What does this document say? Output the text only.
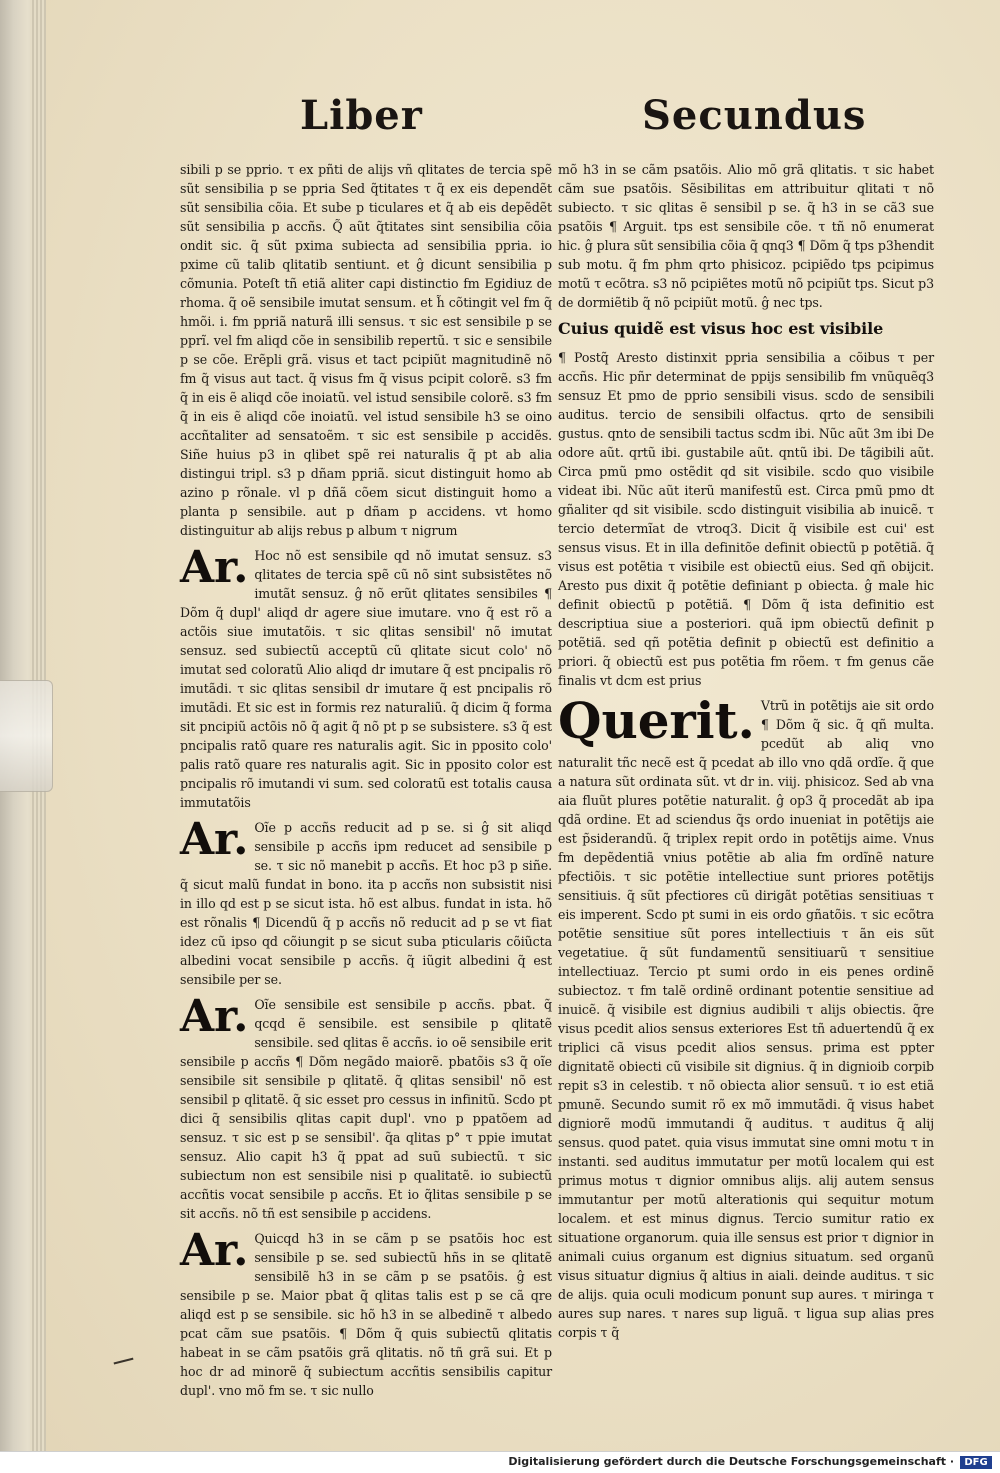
Liber	Secundus

sibili p se pprio. τ ex pñti de alijs vñ qlitates de tercia spẽ sũt sensibilia p se ppria Sed q̃titates τ q̃ ex eis dependẽt sũt sensibilia cõia. Et sube p ticulares et q̃ ab eis depẽdẽt sũt sensibilia p accñs. Q̃ aũt q̃titates sint sensibilia cõia ondit sic. q̃ sũt pxima subiecta ad sensibilia ppria. io pxime cũ talib qlitatib sentiunt. et ĝ dicunt sensibilia p cõmunia. Poteſt tñ etiã aliter capi distinctio fm Egidiuz de rhoma. q̃ oẽ sensibile imutat sensum. et h̃ cõtingit vel fm q̃ hmõi. i. fm ppriã naturã illi sensus. τ sic est sensibile p se pprĩ. vel fm aliqd cõe in sensibilib repertũ. τ sic e sensibile p se cõe. Erẽpli grã. visus et tact pcipiũt magnitudinẽ nõ fm q̃ visus aut tact. q̃ visus fm q̃ visus pcipit colorẽ. s3 fm q̃ in eis ẽ aliqd cõe inoiatũ. vel istud sensibile colorẽ. s3 fm q̃ in eis ẽ aliqd cõe inoiatũ. vel istud sensibile h3 se oino accñtaliter ad sensatoẽm. τ sic est sensibile p accidẽs. Siñe huius p3 in qlibet spẽ rei naturalis q̃ pt ab alia distingui tripl. s3 p dñam ppriã. sicut distinguit homo ab azino p rõnale. vl p dñã cõem sicut distinguit homo a planta p sensibile. aut p dñam p accidens. vt homo distinguitur ab alijs rebus p album τ nigrum

Ar. Hoc nõ est sensibile qd nõ imutat sensuz. s3 qlitates de tercia spẽ cũ nõ sint subsistẽtes nõ imutãt sensuz. ĝ nõ erũt qlitates sensibiles ¶ Dõm q̃ dupl' aliqd dr agere siue imutare. vno q̃ est rõ a actõis siue imutatõis. τ sic qlitas sensibil' nõ imutat sensuz. sed subiectũ acceptũ cũ qlitate sicut colo' nõ imutat sed coloratũ Alio aliqd dr imutare q̃ est pncipalis rõ imutãdi. τ sic qlitas sensibil dr imutare q̃ est pncipalis rõ imutãdi. Et sic est in formis rez naturaliũ. q̃ dicim q̃ forma sit pncipiũ actõis nõ q̃ agit q̃ nõ pt p se subsistere. s3 q̃ est pncipalis ratõ quare res naturalis agit. Sic in pposito colo' palis ratõ quare res naturalis agit. Sic in pposito color est pncipalis rõ imutandi vi sum. sed coloratũ est totalis causa immutatõis
Ar. Oĩe p accñs reducit ad p se. si ĝ sit aliqd sensibile p accñs ipm reducet ad sensibile p se. τ sic nõ manebit p accñs. Et hoc p3 p siñe. q̃ sicut malũ fundat in bono. ita p accñs non subsistit nisi in illo qd est p se sicut ista. hõ est albus. fundat in ista. hõ est rõnalis ¶ Dicendũ q̃ p accñs nõ reducit ad p se vt fiat idez cũ ipso qd cõiungit p se sicut suba pticularis cõiũcta albedini vocat sensibile p accñs. q̃ iũgit albedini q̃ est sensibile per se.
Ar. Oĩe sensibile est sensibile p accñs. pbat. q̃ qcqd ẽ sensibile. est sensibile p qlitatẽ sensibile. sed qlitas ẽ accñs. io oẽ sensibile erit sensibile p accñs ¶ Dõm negãdo maiorẽ. pbatõis s3 q̃ oĩe sensibile sit sensibile p qlitatẽ. q̃ qlitas sensibil' nõ est sensibil p qlitatẽ. q̃ sic esset pro cessus in infinitũ. Scdo pt dici q̃ sensibilis qlitas capit dupl'. vno p ppatõem ad sensuz. τ sic est p se sensibil'. q̃a qlitas p° τ ppie imutat sensuz. Alio capit h3 q̃ ppat ad suũ subiectũ. τ sic subiectum non est sensibile nisi p qualitatẽ. io subiectũ accñtis vocat sensibile p accñs. Et io q̃litas sensibile p se sit accñs. nõ tñ est sensibile p accidens.
Ar. Quicqd h3 in se cãm p se psatõis hoc est sensibile p se. sed subiectũ hñs in se qlitatẽ sensibilẽ h3 in se cãm p se psatõis. ĝ est sensibile p se. Maior pbat q̃ qlitas talis est p se cã qre aliqd est p se sensibile. sic hõ h3 in se albedinẽ τ albedo pcat cãm sue psatõis. ¶ Dõm q̃ quis subiectũ qlitatis habeat in se cãm psatõis grã qlitatis. nõ tñ grã sui. Et p hoc dr ad minorẽ q̃ subiectum accñtis sensibilis capitur dupl'. vno mõ fm se. τ sic nullo

mõ h3 in se cãm psatõis. Alio mõ grã qlitatis. τ sic habet cãm sue psatõis. Sẽsibilitas em attribuitur qlitati τ nõ subiecto. τ sic qlitas ẽ sensibil p se. q̃ h3 in se cã3 sue psatõis ¶ Arguit. tps est sensibile cõe. τ tñ nõ enumerat hic. ĝ plura sũt sensibilia cõia q̃ qnq3 ¶ Dõm q̃ tps p3hendit sub motu. q̃ fm phm qrto phisicoz. pcipiẽdo tps pcipimus motũ τ ecõtra. s3 nõ pcipiẽtes motũ nõ pcipiũt tps. Sicut p3 de dormiẽtib q̃ nõ pcipiũt motũ. ĝ nec tps.

Cuius quidẽ est visus hoc est visibile

¶ Postq̃ Aresto distinxit ppria sensibilia a cõibus τ per accñs. Hic pñr determinat de ppijs sensibilib fm vnũquẽq3 sensuz Et pmo de pprio sensibili visus. scdo de sensibili auditus. tercio de sensibili olfactus. qrto de sensibili gustus. qnto de sensibili tactus scdm ibi. Nũc aũt 3m ibi De odore aũt. qrtũ ibi. gustabile aũt. qntũ ibi. De tãgibili aũt. Circa pmũ pmo ostẽdit qd sit visibile. scdo quo visibile videat ibi. Nũc aũt iterũ manifestũ est. Circa pmũ pmo dt gñaliter qd sit visibile. scdo distinguit visibilia ab inuicẽ. τ tercio determĩat de vtroq3. Dicit q̃ visibile est cui' est sensus visus. Et in illa definitõe definit obiectũ p potẽtiã. q̃ visus est potẽtia τ visibile est obiectũ eius. Sed qñ obijcit. Aresto pus dixit q̃ potẽtie definiant p obiecta. ĝ male hic definit obiectũ p potẽtiã. ¶ Dõm q̃ ista definitio est descriptiua siue a posteriori. quã ipm obiectũ definit p potẽtiã. sed qñ potẽtia definit p obiectũ est definitio a priori. q̃ obiectũ est pus potẽtia fm rõem. τ fm genus cãe finalis vt dcm est prius

Querit. Vtrũ in potẽtijs aie sit ordo ¶ Dõm q̃ sic. q̃ qñ multa. pcedũt ab aliq vno naturalit tñc necẽ est q̃ pcedat ab illo vno qdã ordĩe. q̃ que a natura sũt ordinata sũt. vt dr in. viij. phisicoz. Sed ab vna aia fluũt plures potẽtie naturalit. ĝ op3 q̃ procedãt ab ipa qdã ordine. Et ad sciendus q̃s ordo inueniat in potẽtijs aie est p̃siderandũ. q̃ triplex repit ordo in potẽtijs aime. Vnus fm depẽdentiã vnius potẽtie ab alia fm ordĩnẽ nature pfectiõis. τ sic potẽtie intellectiue sunt priores potẽtijs sensitiuis. q̃ sũt pfectiores cũ dirigãt potẽtias sensitiuas τ eis imperent. Scdo pt sumi in eis ordo gñatõis. τ sic ecõtra potẽtie sensitiue sũt pores intellectiuis τ ãn eis sũt vegetatiue. q̃ sũt fundamentũ sensitiuarũ τ sensitiue intellectiuaz. Tercio pt sumi ordo in eis penes ordinẽ subiectoz. τ fm talẽ ordinẽ ordinant potentie sensitiue ad inuicẽ. q̃ visibile est dignius audibili τ alijs obiectis. q̃re visus pcedit alios sensus exteriores Est tñ aduertendũ q̃ ex triplici cã visus pcedit alios sensus. prima est ppter dignitatẽ obiecti cũ visibile sit dignius. q̃ in dignioib corpib repit s3 in celestib. τ nõ obiecta alior sensuũ. τ io est etiã pmunẽ. Secundo sumit rõ ex mõ immutãdi. q̃ visus habet digniorẽ modũ immutandi q̃ auditus. τ auditus q̃ alij sensus. quod patet. quia visus immutat sine omni motu τ in instanti. sed auditus immutatur per motũ localem qui est primus motus τ dignior omnibus alijs. alij autem sensus immutantur per motũ alterationis qui sequitur motum localem. et est minus dignus. Tercio sumitur ratio ex situatione organorum. quia ille sensus est prior τ dignior in animali cuius organum est dignius situatum. sed organũ visus situatur dignius q̃ altius in aiali. deinde auditus. τ sic de alijs. quia oculi modicum ponunt sup aures. τ miringa τ aures sup nares. τ nares sup liguã. τ ligua sup alias pres corpis τ q̃
Digitalisierung gefördert durch die Deutsche Forschungsgemeinschaft ·	DFG
